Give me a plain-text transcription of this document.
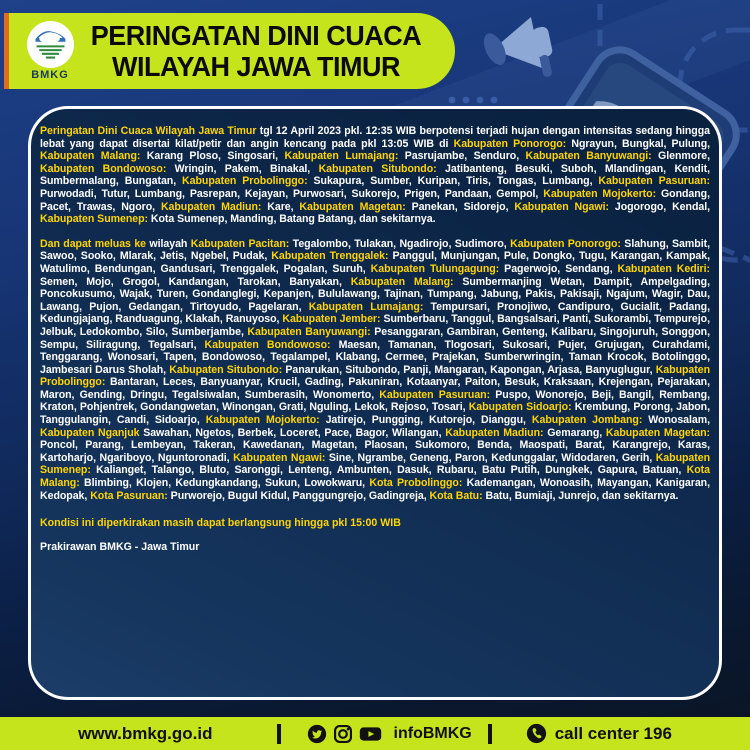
BMKG
PERINGATAN DINI CUACA
WILAYAH JAWA TIMUR

Peringatan Dini Cuaca Wilayah Jawa Timur tgl 12 April 2023 pkl. 12:35 WIB berpotensi terjadi hujan dengan intensitas sedang hingga lebat yang dapat disertai kilat/petir dan angin kencang pada pkl 13:05 WIB di Kabupaten Ponorogo: Ngrayun, Bungkal, Pulung, Kabupaten Malang: Karang Ploso, Singosari, Kabupaten Lumajang: Pasrujambe, Senduro, Kabupaten Banyuwangi: Glenmore, Kabupaten Bondowoso: Wringin, Pakem, Binakal, Kabupaten Situbondo: Jatibanteng, Besuki, Suboh, Mlandingan, Kendit, Sumbermalang, Bungatan, Kabupaten Probolinggo: Sukapura, Sumber, Kuripan, Tiris, Tongas, Lumbang, Kabupaten Pasuruan: Purwodadi, Tutur, Lumbang, Pasrepan, Kejayan, Purwosari, Sukorejo, Prigen, Pandaan, Gempol, Kabupaten Mojokerto: Gondang, Pacet, Trawas, Ngoro, Kabupaten Madiun: Kare, Kabupaten Magetan: Panekan, Sidorejo, Kabupaten Ngawi: Jogorogo, Kendal, Kabupaten Sumenep: Kota Sumenep, Manding, Batang Batang, dan sekitarnya.

Dan dapat meluas ke wilayah Kabupaten Pacitan: Tegalombo, Tulakan, Ngadirojo, Sudimoro, Kabupaten Ponorogo: Slahung, Sambit, Sawoo, Sooko, Mlarak, Jetis, Ngebel, Pudak, Kabupaten Trenggalek: Panggul, Munjungan, Pule, Dongko, Tugu, Karangan, Kampak, Watulimo, Bendungan, Gandusari, Trenggalek, Pogalan, Suruh, Kabupaten Tulungagung: Pagerwojo, Sendang, Kabupaten Kediri: Semen, Mojo, Grogol, Kandangan, Tarokan, Banyakan, Kabupaten Malang: Sumbermanjing Wetan, Dampit, Ampelgading, Poncokusumo, Wajak, Turen, Gondanglegi, Kepanjen, Bululawang, Tajinan, Tumpang, Jabung, Pakis, Pakisaji, Ngajum, Wagir, Dau, Lawang, Pujon, Gedangan, Tirtoyudo, Pagelaran, Kabupaten Lumajang: Tempursari, Pronojiwo, Candipuro, Gucialit, Padang, Kedungjajang, Randuagung, Klakah, Ranuyoso, Kabupaten Jember: Sumberbaru, Tanggul, Bangsalsari, Panti, Sukorambi, Tempurejo, Jelbuk, Ledokombo, Silo, Sumberjambe, Kabupaten Banyuwangi: Pesanggaran, Gambiran, Genteng, Kalibaru, Singojuruh, Songgon, Sempu, Siliragung, Tegalsari, Kabupaten Bondowoso: Maesan, Tamanan, Tlogosari, Sukosari, Pujer, Grujugan, Curahdami, Tenggarang, Wonosari, Tapen, Bondowoso, Tegalampel, Klabang, Cermee, Prajekan, Sumberwringin, Taman Krocok, Botolinggo, Jambesari Darus Sholah, Kabupaten Situbondo: Panarukan, Situbondo, Panji, Mangaran, Kapongan, Arjasa, Banyuglugur, Kabupaten Probolinggo: Bantaran, Leces, Banyuanyar, Krucil, Gading, Pakuniran, Kotaanyar, Paiton, Besuk, Kraksaan, Krejengan, Pejarakan, Maron, Gending, Dringu, Tegalsiwalan, Sumberasih, Wonomerto, Kabupaten Pasuruan: Puspo, Wonorejo, Beji, Bangil, Rembang, Kraton, Pohjentrek, Gondangwetan, Winongan, Grati, Nguling, Lekok, Rejoso, Tosari, Kabupaten Sidoarjo: Krembung, Porong, Jabon, Tanggulangin, Candi, Sidoarjo, Kabupaten Mojokerto: Jatirejo, Pungging, Kutorejo, Dianggu, Kabupaten Jombang: Wonosalam, Kabupaten Nganjuk Sawahan, Ngetos, Berbek, Loceret, Pace, Bagor, Wilangan, Kabupaten Madiun: Gemarang, Kabupaten Magetan: Poncol, Parang, Lembeyan, Takeran, Kawedanan, Magetan, Plaosan, Sukomoro, Benda, Maospati, Barat, Karangrejo, Karas, Kartoharjo, Ngariboyo, Nguntoronadi, Kabupaten Ngawi: Sine, Ngrambe, Geneng, Paron, Kedunggalar, Widodaren, Gerih, Kabupaten Sumenep: Kalianget, Talango, Bluto, Saronggi, Lenteng, Ambunten, Dasuk, Rubaru, Batu Putih, Dungkek, Gapura, Batuan, Kota Malang: Blimbing, Klojen, Kedungkandang, Sukun, Lowokwaru, Kota Probolinggo: Kademangan, Wonoasih, Mayangan, Kanigaran, Kedopak, Kota Pasuruan: Purworejo, Bugul Kidul, Panggungrejo, Gadingreja, Kota Batu: Batu, Bumiaji, Junrejo, dan sekitarnya.

Kondisi ini diperkirakan masih dapat berlangsung hingga pkl 15:00 WIB
Prakirawan BMKG - Jawa Timur
www.bmkg.go.id	infoBMKG	call center 196
